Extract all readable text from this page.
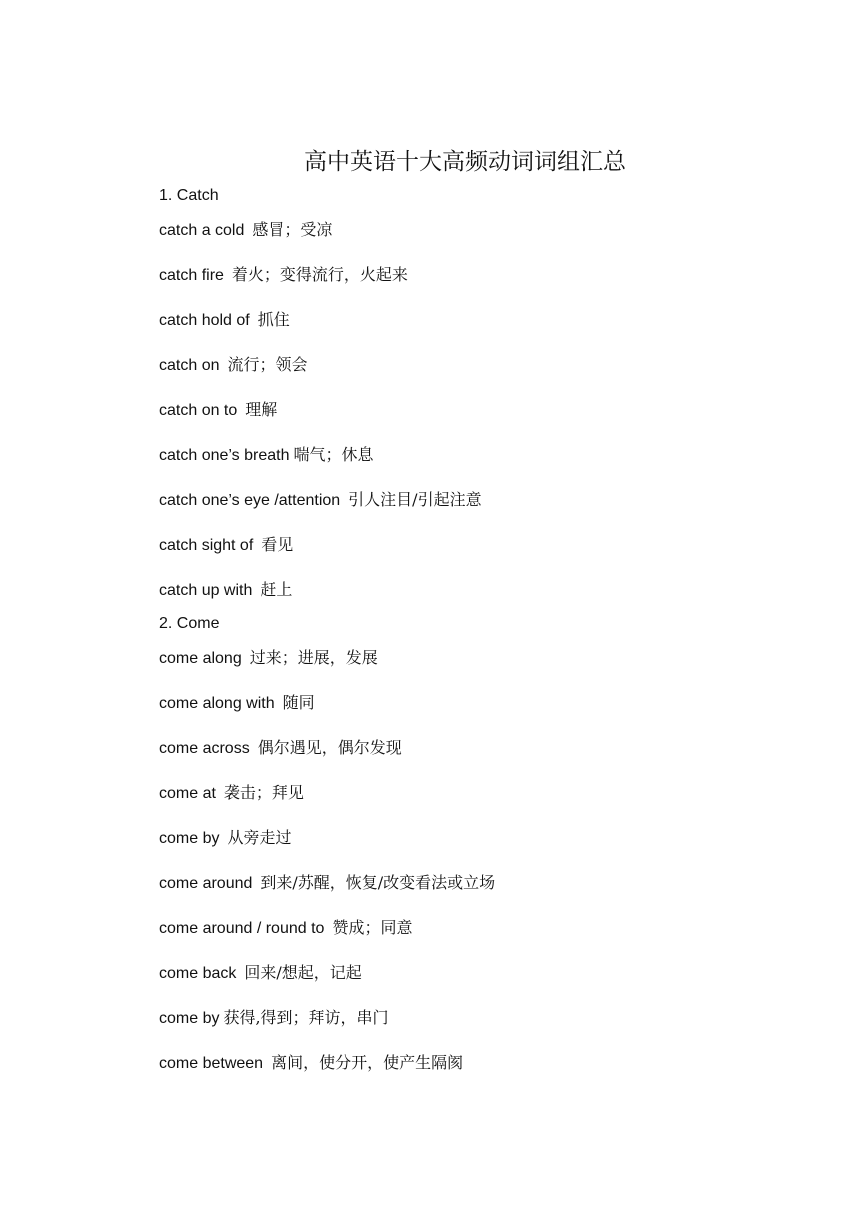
高中英语十大高频动词词组汇总
1. Catch
catch a cold 感冒；受凉
catch fire 着火；变得流行，火起来
catch hold of 抓住
catch on 流行；领会
catch on to 理解
catch one’s breath 喘气；休息
catch one’s eye /attention 引人注目/引起注意
catch sight of 看见
catch up with 赶上
2. Come
come along 过来；进展，发展
come along with 随同
come across 偶尔遇见，偶尔发现
come at 袭击；拜见
come by 从旁走过
come around 到来/苏醒，恢复/改变看法或立场
come around / round to 赞成；同意
come back 回来/想起，记起
come by 获得,得到；拜访，串门
come between 离间，使分开，使产生隔阂
